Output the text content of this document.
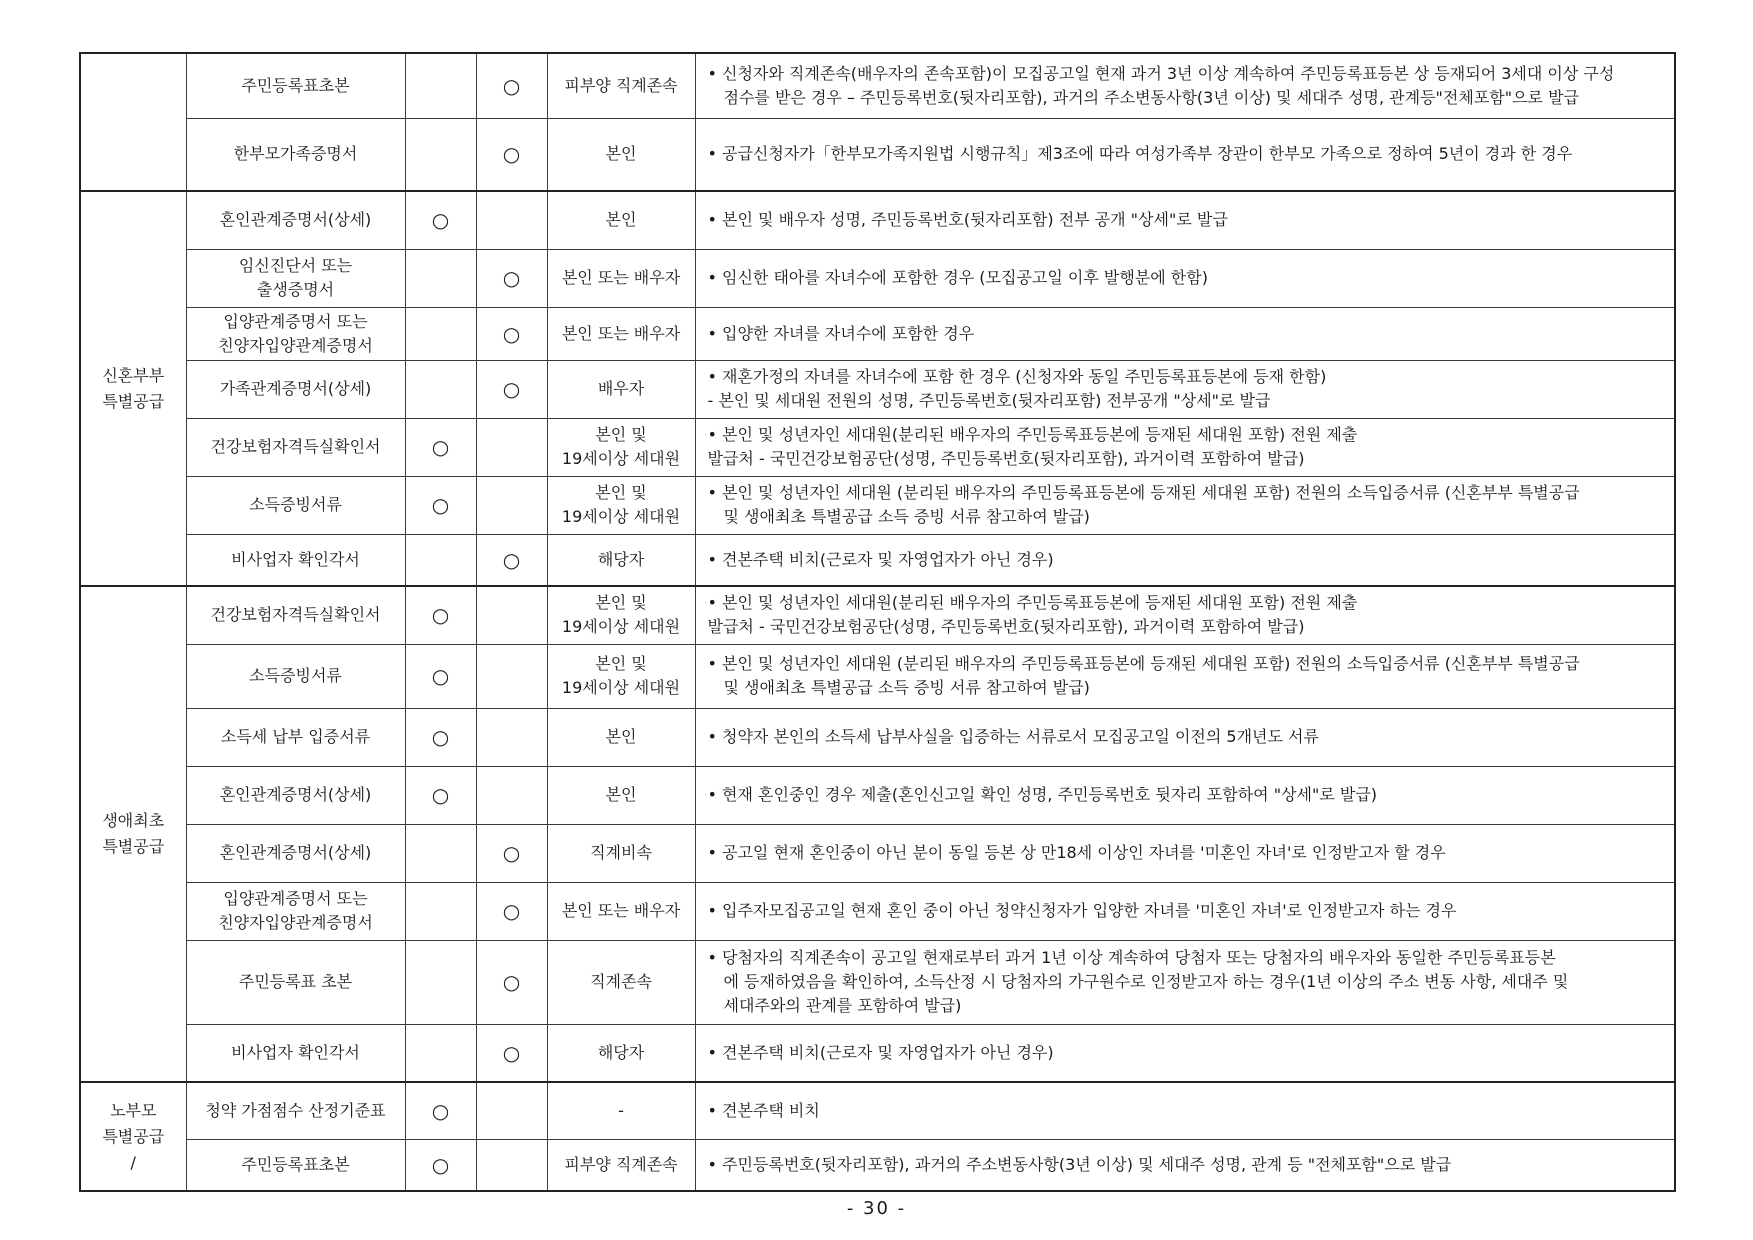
	주민등록표초본		○	피부양 직계존속	• 신청자와 직계존속(배우자의 존속포함)이 모집공고일 현재 과거 3년 이상 계속하여 주민등록표등본 상 등재되어 3세대 이상 구성
점수를 받은 경우 – 주민등록번호(뒷자리포함), 과거의 주소변동사항(3년 이상) 및 세대주 성명, 관계등"전체포함"으로 발급

	한부모가족증명서		○	본인	• 공급신청자가「한부모가족지원법 시행규칙」제3조에 따라 여성가족부 장관이 한부모 가족으로 정하여 5년이 경과 한 경우

신혼부부
특별공급	혼인관계증명서(상세)	○		본인	• 본인 및 배우자 성명, 주민등록번호(뒷자리포함) 전부 공개 "상세"로 발급

	임신진단서 또는
출생증명서		○	본인 또는 배우자	• 임신한 태아를 자녀수에 포함한 경우 (모집공고일 이후 발행분에 한함)

	입양관계증명서 또는
친양자입양관계증명서		○	본인 또는 배우자	• 입양한 자녀를 자녀수에 포함한 경우

	가족관계증명서(상세)		○	배우자	• 재혼가정의 자녀를 자녀수에 포함 한 경우 (신청자와 동일 주민등록표등본에 등재 한함)
- 본인 및 세대원 전원의 성명, 주민등록번호(뒷자리포함) 전부공개 "상세"로 발급

	건강보험자격득실확인서	○		본인 및
19세이상 세대원	• 본인 및 성년자인 세대원(분리된 배우자의 주민등록표등본에 등재된 세대원 포함) 전원 제출
발급처 - 국민건강보험공단(성명, 주민등록번호(뒷자리포함), 과거이력 포함하여 발급)

	소득증빙서류	○		본인 및
19세이상 세대원	• 본인 및 성년자인 세대원 (분리된 배우자의 주민등록표등본에 등재된 세대원 포함) 전원의 소득입증서류 (신혼부부 특별공급
및 생애최초 특별공급 소득 증빙 서류 참고하여 발급)

	비사업자 확인각서		○	해당자	• 견본주택 비치(근로자 및 자영업자가 아닌 경우)

생애최초
특별공급	건강보험자격득실확인서	○		본인 및
19세이상 세대원	• 본인 및 성년자인 세대원(분리된 배우자의 주민등록표등본에 등재된 세대원 포함) 전원 제출
발급처 - 국민건강보험공단(성명, 주민등록번호(뒷자리포함), 과거이력 포함하여 발급)

	소득증빙서류	○		본인 및
19세이상 세대원	• 본인 및 성년자인 세대원 (분리된 배우자의 주민등록표등본에 등재된 세대원 포함) 전원의 소득입증서류 (신혼부부 특별공급
및 생애최초 특별공급 소득 증빙 서류 참고하여 발급)

	소득세 납부 입증서류	○		본인	• 청약자 본인의 소득세 납부사실을 입증하는 서류로서 모집공고일 이전의 5개년도 서류

	혼인관계증명서(상세)	○		본인	• 현재 혼인중인 경우 제출(혼인신고일 확인 성명, 주민등록번호 뒷자리 포함하여 "상세"로 발급)

	혼인관계증명서(상세)		○	직계비속	• 공고일 현재 혼인중이 아닌 분이 동일 등본 상 만18세 이상인 자녀를 '미혼인 자녀'로 인정받고자 할 경우

	입양관계증명서 또는
친양자입양관계증명서		○	본인 또는 배우자	• 입주자모집공고일 현재 혼인 중이 아닌 청약신청자가 입양한 자녀를 '미혼인 자녀'로 인정받고자 하는 경우

	주민등록표 초본		○	직계존속	• 당첨자의 직계존속이 공고일 현재로부터 과거 1년 이상 계속하여 당첨자 또는 당첨자의 배우자와 동일한 주민등록표등본
에 등재하였음을 확인하여, 소득산정 시 당첨자의 가구원수로 인정받고자 하는 경우(1년 이상의 주소 변동 사항, 세대주 및
세대주와의 관계를 포함하여 발급)

	비사업자 확인각서		○	해당자	• 견본주택 비치(근로자 및 자영업자가 아닌 경우)

노부모
특별공급
/	청약 가점점수 산정기준표	○		-	• 견본주택 비치

	주민등록표초본	○		피부양 직계존속	• 주민등록번호(뒷자리포함), 과거의 주소변동사항(3년 이상) 및 세대주 성명, 관계 등 "전체포함"으로 발급
- 30 -
